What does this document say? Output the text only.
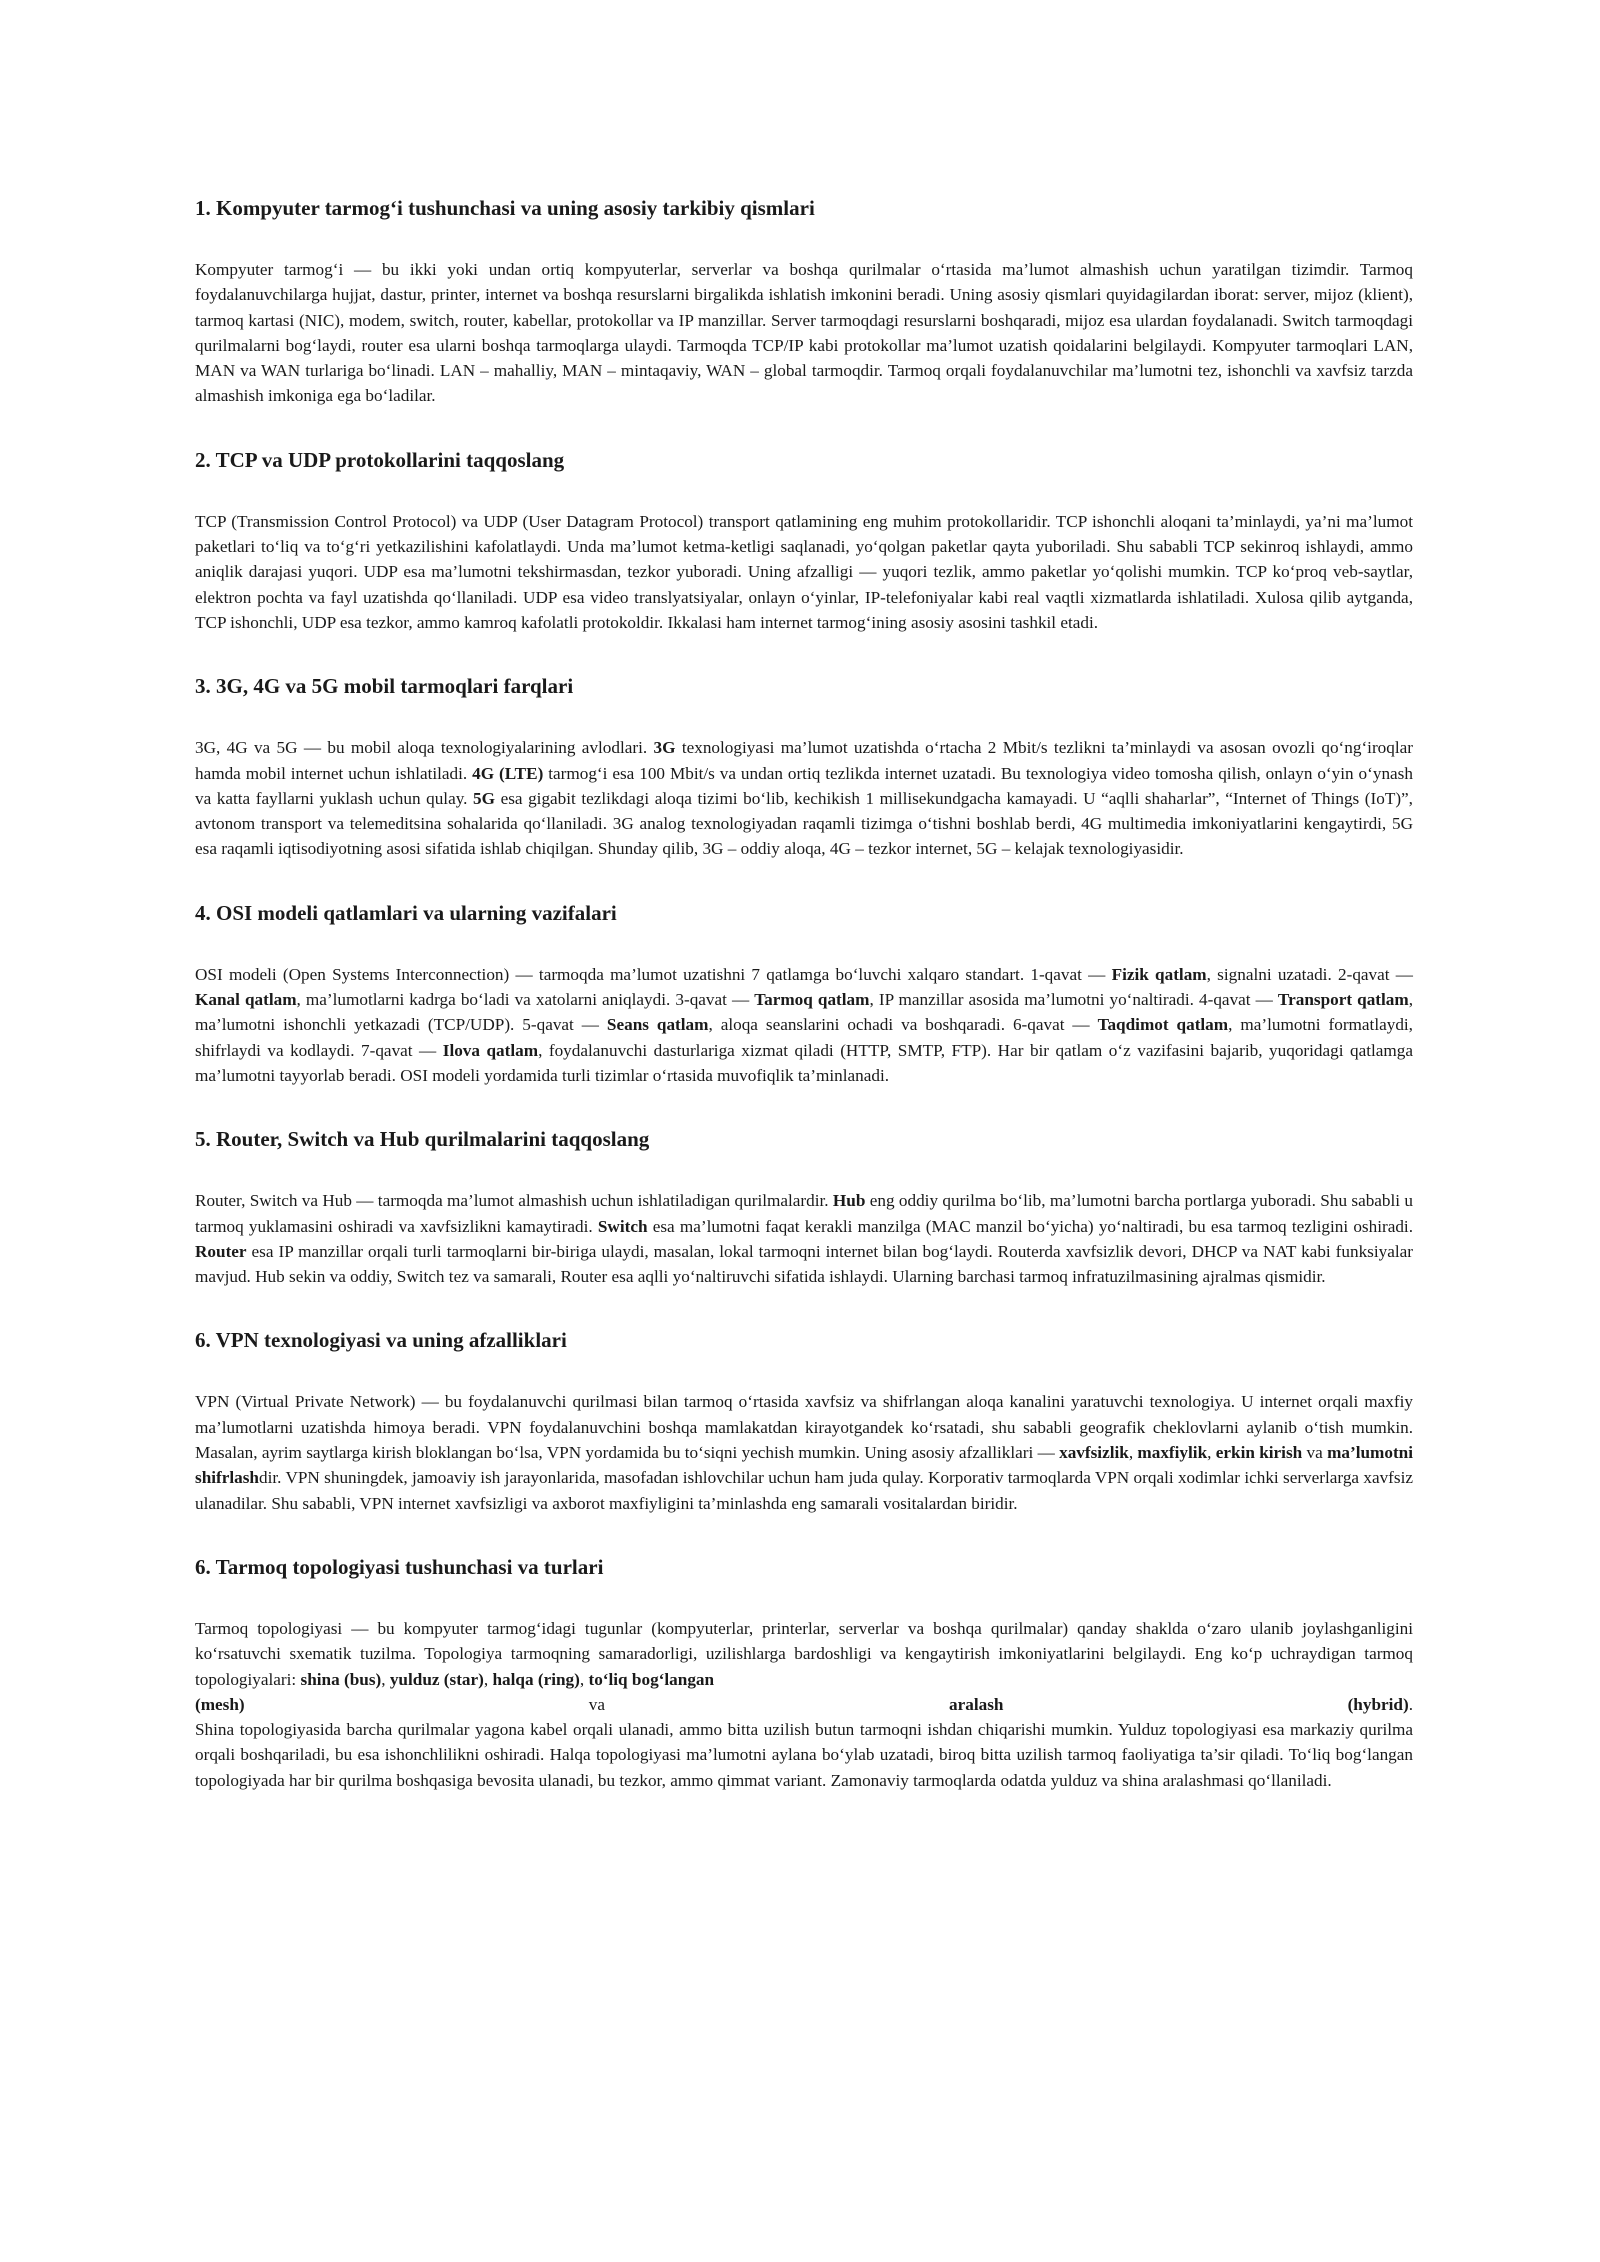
1. Kompyuter tarmog‘i tushunchasi va uning asosiy tarkibiy qismlari

Kompyuter tarmog‘i — bu ikki yoki undan ortiq kompyuterlar, serverlar va boshqa qurilmalar o‘rtasida ma’lumot almashish uchun yaratilgan tizimdir. Tarmoq foydalanuvchilarga hujjat, dastur, printer, internet va boshqa resurslarni birgalikda ishlatish imkonini beradi. Uning asosiy qismlari quyidagilardan iborat: server, mijoz (klient), tarmoq kartasi (NIC), modem, switch, router, kabellar, protokollar va IP manzillar. Server tarmoqdagi resurslarni boshqaradi, mijoz esa ulardan foydalanadi. Switch tarmoqdagi qurilmalarni bog‘laydi, router esa ularni boshqa tarmoqlarga ulaydi. Tarmoqda TCP/IP kabi protokollar ma’lumot uzatish qoidalarini belgilaydi. Kompyuter tarmoqlari LAN, MAN va WAN turlariga bo‘linadi. LAN – mahalliy, MAN – mintaqaviy, WAN – global tarmoqdir. Tarmoq orqali foydalanuvchilar ma’lumotni tez, ishonchli va xavfsiz tarzda almashish imkoniga ega bo‘ladilar.

2. TCP va UDP protokollarini taqqoslang

TCP (Transmission Control Protocol) va UDP (User Datagram Protocol) transport qatlamining eng muhim protokollaridir. TCP ishonchli aloqani ta’minlaydi, ya’ni ma’lumot paketlari to‘liq va to‘g‘ri yetkazilishini kafolatlaydi. Unda ma’lumot ketma-ketligi saqlanadi, yo‘qolgan paketlar qayta yuboriladi. Shu sababli TCP sekinroq ishlaydi, ammo aniqlik darajasi yuqori. UDP esa ma’lumotni tekshirmasdan, tezkor yuboradi. Uning afzalligi — yuqori tezlik, ammo paketlar yo‘qolishi mumkin. TCP ko‘proq veb-saytlar, elektron pochta va fayl uzatishda qo‘llaniladi. UDP esa video translyatsiyalar, onlayn o‘yinlar, IP-telefoniyalar kabi real vaqtli xizmatlarda ishlatiladi. Xulosa qilib aytganda, TCP ishonchli, UDP esa tezkor, ammo kamroq kafolatli protokoldir. Ikkalasi ham internet tarmog‘ining asosiy asosini tashkil etadi.

3. 3G, 4G va 5G mobil tarmoqlari farqlari

3G, 4G va 5G — bu mobil aloqa texnologiyalarining avlodlari. 3G texnologiyasi ma’lumot uzatishda o‘rtacha 2 Mbit/s tezlikni ta’minlaydi va asosan ovozli qo‘ng‘iroqlar hamda mobil internet uchun ishlatiladi. 4G (LTE) tarmog‘i esa 100 Mbit/s va undan ortiq tezlikda internet uzatadi. Bu texnologiya video tomosha qilish, onlayn o‘yin o‘ynash va katta fayllarni yuklash uchun qulay. 5G esa gigabit tezlikdagi aloqa tizimi bo‘lib, kechikish 1 millisekundgacha kamayadi. U “aqlli shaharlar”, “Internet of Things (IoT)”, avtonom transport va telemeditsina sohalarida qo‘llaniladi. 3G analog texnologiyadan raqamli tizimga o‘tishni boshlab berdi, 4G multimedia imkoniyatlarini kengaytirdi, 5G esa raqamli iqtisodiyotning asosi sifatida ishlab chiqilgan. Shunday qilib, 3G – oddiy aloqa, 4G – tezkor internet, 5G – kelajak texnologiyasidir.

4. OSI modeli qatlamlari va ularning vazifalari

OSI modeli (Open Systems Interconnection) — tarmoqda ma’lumot uzatishni 7 qatlamga bo‘luvchi xalqaro standart. 1-qavat — Fizik qatlam, signalni uzatadi. 2-qavat — Kanal qatlam, ma’lumotlarni kadrga bo‘ladi va xatolarni aniqlaydi. 3-qavat — Tarmoq qatlam, IP manzillar asosida ma’lumotni yo‘naltiradi. 4-qavat — Transport qatlam, ma’lumotni ishonchli yetkazadi (TCP/UDP). 5-qavat — Seans qatlam, aloqa seanslarini ochadi va boshqaradi. 6-qavat — Taqdimot qatlam, ma’lumotni formatlaydi, shifrlaydi va kodlaydi. 7-qavat — Ilova qatlam, foydalanuvchi dasturlariga xizmat qiladi (HTTP, SMTP, FTP). Har bir qatlam o‘z vazifasini bajarib, yuqoridagi qatlamga ma’lumotni tayyorlab beradi. OSI modeli yordamida turli tizimlar o‘rtasida muvofiqlik ta’minlanadi.

5. Router, Switch va Hub qurilmalarini taqqoslang

Router, Switch va Hub — tarmoqda ma’lumot almashish uchun ishlatiladigan qurilmalardir. Hub eng oddiy qurilma bo‘lib, ma’lumotni barcha portlarga yuboradi. Shu sababli u tarmoq yuklamasini oshiradi va xavfsizlikni kamaytiradi. Switch esa ma’lumotni faqat kerakli manzilga (MAC manzil bo‘yicha) yo‘naltiradi, bu esa tarmoq tezligini oshiradi. Router esa IP manzillar orqali turli tarmoqlarni bir-biriga ulaydi, masalan, lokal tarmoqni internet bilan bog‘laydi. Routerda xavfsizlik devori, DHCP va NAT kabi funksiyalar mavjud. Hub sekin va oddiy, Switch tez va samarali, Router esa aqlli yo‘naltiruvchi sifatida ishlaydi. Ularning barchasi tarmoq infratuzilmasining ajralmas qismidir.

6. VPN texnologiyasi va uning afzalliklari

VPN (Virtual Private Network) — bu foydalanuvchi qurilmasi bilan tarmoq o‘rtasida xavfsiz va shifrlangan aloqa kanalini yaratuvchi texnologiya. U internet orqali maxfiy ma’lumotlarni uzatishda himoya beradi. VPN foydalanuvchini boshqa mamlakatdan kirayotgandek ko‘rsatadi, shu sababli geografik cheklovlarni aylanib o‘tish mumkin. Masalan, ayrim saytlarga kirish bloklangan bo‘lsa, VPN yordamida bu to‘siqni yechish mumkin. Uning asosiy afzalliklari — xavfsizlik, maxfiylik, erkin kirish va ma’lumotni shifrlashdir. VPN shuningdek, jamoaviy ish jarayonlarida, masofadan ishlovchilar uchun ham juda qulay. Korporativ tarmoqlarda VPN orqali xodimlar ichki serverlarga xavfsiz ulanadilar. Shu sababli, VPN internet xavfsizligi va axborot maxfiyligini ta’minlashda eng samarali vositalardan biridir.

6. Tarmoq topologiyasi tushunchasi va turlari

Tarmoq topologiyasi — bu kompyuter tarmog‘idagi tugunlar (kompyuterlar, printerlar, serverlar va boshqa qurilmalar) qanday shaklda o‘zaro ulanib joylashganligini ko‘rsatuvchi sxematik tuzilma. Topologiya tarmoqning samaradorligi, uzilishlarga bardoshligi va kengaytirish imkoniyatlarini belgilaydi. Eng ko‘p uchraydigan tarmoq topologiyalari: shina (bus), yulduz (star), halqa (ring), to‘liq bog‘langan

(mesh)	va	aralash	(hybrid).

Shina topologiyasida barcha qurilmalar yagona kabel orqali ulanadi, ammo bitta uzilish butun tarmoqni ishdan chiqarishi mumkin. Yulduz topologiyasi esa markaziy qurilma orqali boshqariladi, bu esa ishonchlilikni oshiradi. Halqa topologiyasi ma’lumotni aylana bo‘ylab uzatadi, biroq bitta uzilish tarmoq faoliyatiga ta’sir qiladi. To‘liq bog‘langan topologiyada har bir qurilma boshqasiga bevosita ulanadi, bu tezkor, ammo qimmat variant. Zamonaviy tarmoqlarda odatda yulduz va shina aralashmasi qo‘llaniladi.
